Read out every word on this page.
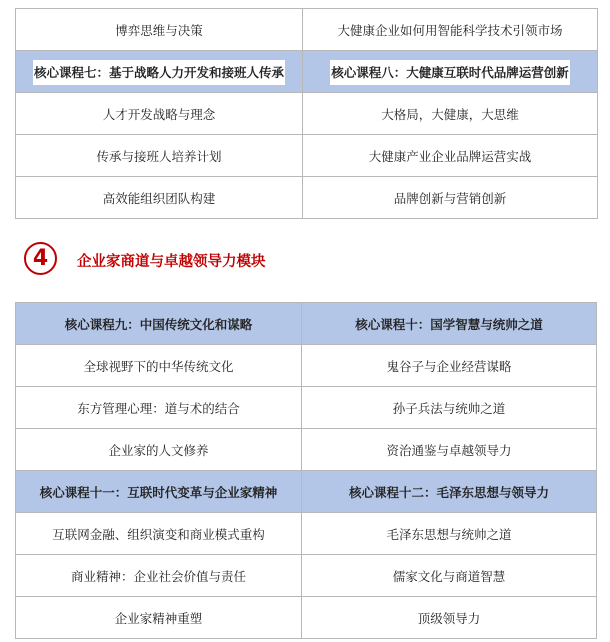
博弈思维与决策	大健康企业如何用智能科学技术引领市场
核心课程七：基于战略人力开发和接班人传承	核心课程八：大健康互联时代品牌运营创新
人才开发战略与理念	大格局，大健康，大思维
传承与接班人培养计划	大健康产业企业品牌运营实战
高效能组织团队构建	品牌创新与营销创新
4	企业家商道与卓越领导力模块
核心课程九：中国传统文化和谋略	核心课程十：国学智慧与统帅之道
全球视野下的中华传统文化	鬼谷子与企业经营谋略
东方管理心理：道与术的结合	孙子兵法与统帅之道
企业家的人文修养	资治通鉴与卓越领导力
核心课程十一：互联时代变革与企业家精神	核心课程十二：毛泽东思想与领导力
互联网金融、组织演变和商业模式重构	毛泽东思想与统帅之道
商业精神：企业社会价值与责任	儒家文化与商道智慧
企业家精神重塑	顶级领导力
